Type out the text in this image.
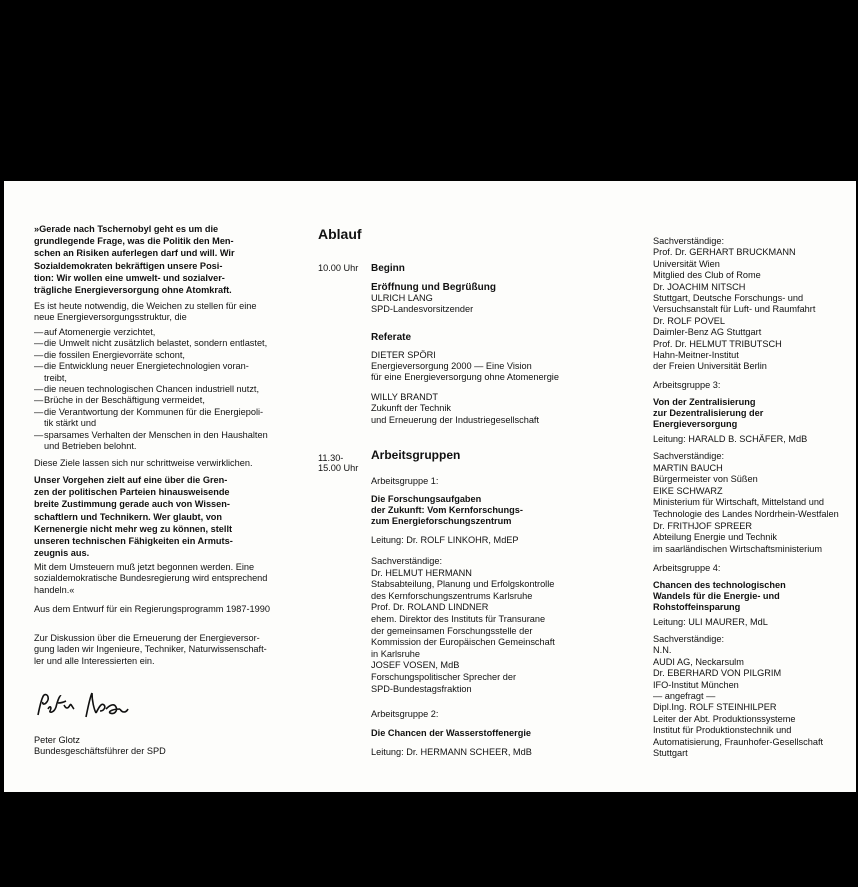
»Gerade nach Tschernobyl geht es um die
grundlegende Frage, was die Politik den Men-
schen an Risiken auferlegen darf und will. Wir
Sozialdemokraten bekräftigen unsere Posi-
tion: Wir wollen eine umwelt- und sozialver-
trägliche Energieversorgung ohne Atomkraft.
Es ist heute notwendig, die Weichen zu stellen für eine
neue Energieversorgungsstruktur, die
—auf Atomenergie verzichtet,
—die Umwelt nicht zusätzlich belastet, sondern entlastet,
—die fossilen Energievorräte schont,
—die Entwicklung neuer Energietechnologien voran-
treibt,
—die neuen technologischen Chancen industriell nutzt,
—Brüche in der Beschäftigung vermeidet,
—die Verantwortung der Kommunen für die Energiepoli-
tik stärkt und
—sparsames Verhalten der Menschen in den Haushalten
und Betrieben belohnt.
Diese Ziele lassen sich nur schrittweise verwirklichen.
Unser Vorgehen zielt auf eine über die Gren-
zen der politischen Parteien hinausweisende
breite Zustimmung gerade auch von Wissen-
schaftlern und Technikern. Wer glaubt, von
Kernenergie nicht mehr weg zu können, stellt
unseren technischen Fähigkeiten ein Armuts-
zeugnis aus.
Mit dem Umsteuern muß jetzt begonnen werden. Eine
sozialdemokratische Bundesregierung wird entsprechend
handeln.«
Aus dem Entwurf für ein Regierungsprogramm 1987-1990
Zur Diskussion über die Erneuerung der Energieversor-
gung laden wir Ingenieure, Techniker, Naturwissenschaft-
ler und alle Interessierten ein.
Peter Glotz
Bundesgeschäftsführer der SPD
Ablauf
10.00 Uhr Beginn
Eröffnung und Begrüßung
ULRICH LANG
SPD-Landesvorsitzender
Referate
DIETER SPÖRI
Energieversorgung 2000 — Eine Vision
für eine Energieversorgung ohne Atomenergie
WILLY BRANDT
Zukunft der Technik
und Erneuerung der Industriegesellschaft
11.30-
15.00 Uhr
Arbeitsgruppen
Arbeitsgruppe 1:
Die Forschungsaufgaben
der Zukunft: Vom Kernforschungs-
zum Energieforschungszentrum
Leitung: Dr. ROLF LINKOHR, MdEP
Sachverständige:
Dr. HELMUT HERMANN
Stabsabteilung, Planung und Erfolgskontrolle
des Kernforschungszentrums Karlsruhe
Prof. Dr. ROLAND LINDNER
ehem. Direktor des Instituts für Transurane
der gemeinsamen Forschungsstelle der
Kommission der Europäischen Gemeinschaft
in Karlsruhe
JOSEF VOSEN, MdB
Forschungspolitischer Sprecher der
SPD-Bundestagsfraktion
Arbeitsgruppe 2:
Die Chancen der Wasserstoffenergie
Leitung: Dr. HERMANN SCHEER, MdB
Sachverständige:
Prof. Dr. GERHART BRUCKMANN
Universität Wien
Mitglied des Club of Rome
Dr. JOACHIM NITSCH
Stuttgart, Deutsche Forschungs- und
Versuchsanstalt für Luft- und Raumfahrt
Dr. ROLF POVEL
Daimler-Benz AG Stuttgart
Prof. Dr. HELMUT TRIBUTSCH
Hahn-Meitner-Institut
der Freien Universität Berlin
Arbeitsgruppe 3:
Von der Zentralisierung
zur Dezentralisierung der
Energieversorgung
Leitung: HARALD B. SCHÄFER, MdB
Sachverständige:
MARTIN BAUCH
Bürgermeister von Süßen
EIKE SCHWARZ
Ministerium für Wirtschaft, Mittelstand und
Technologie des Landes Nordrhein-Westfalen
Dr. FRITHJOF SPREER
Abteilung Energie und Technik
im saarländischen Wirtschaftsministerium
Arbeitsgruppe 4:
Chancen des technologischen
Wandels für die Energie- und
Rohstoffeinsparung
Leitung: ULI MAURER, MdL
Sachverständige:
N.N.
AUDI AG, Neckarsulm
Dr. EBERHARD VON PILGRIM
IFO-Institut München
— angefragt —
Dipl.Ing. ROLF STEINHILPER
Leiter der Abt. Produktionssysteme
Institut für Produktionstechnik und
Automatisierung, Fraunhofer-Gesellschaft
Stuttgart
